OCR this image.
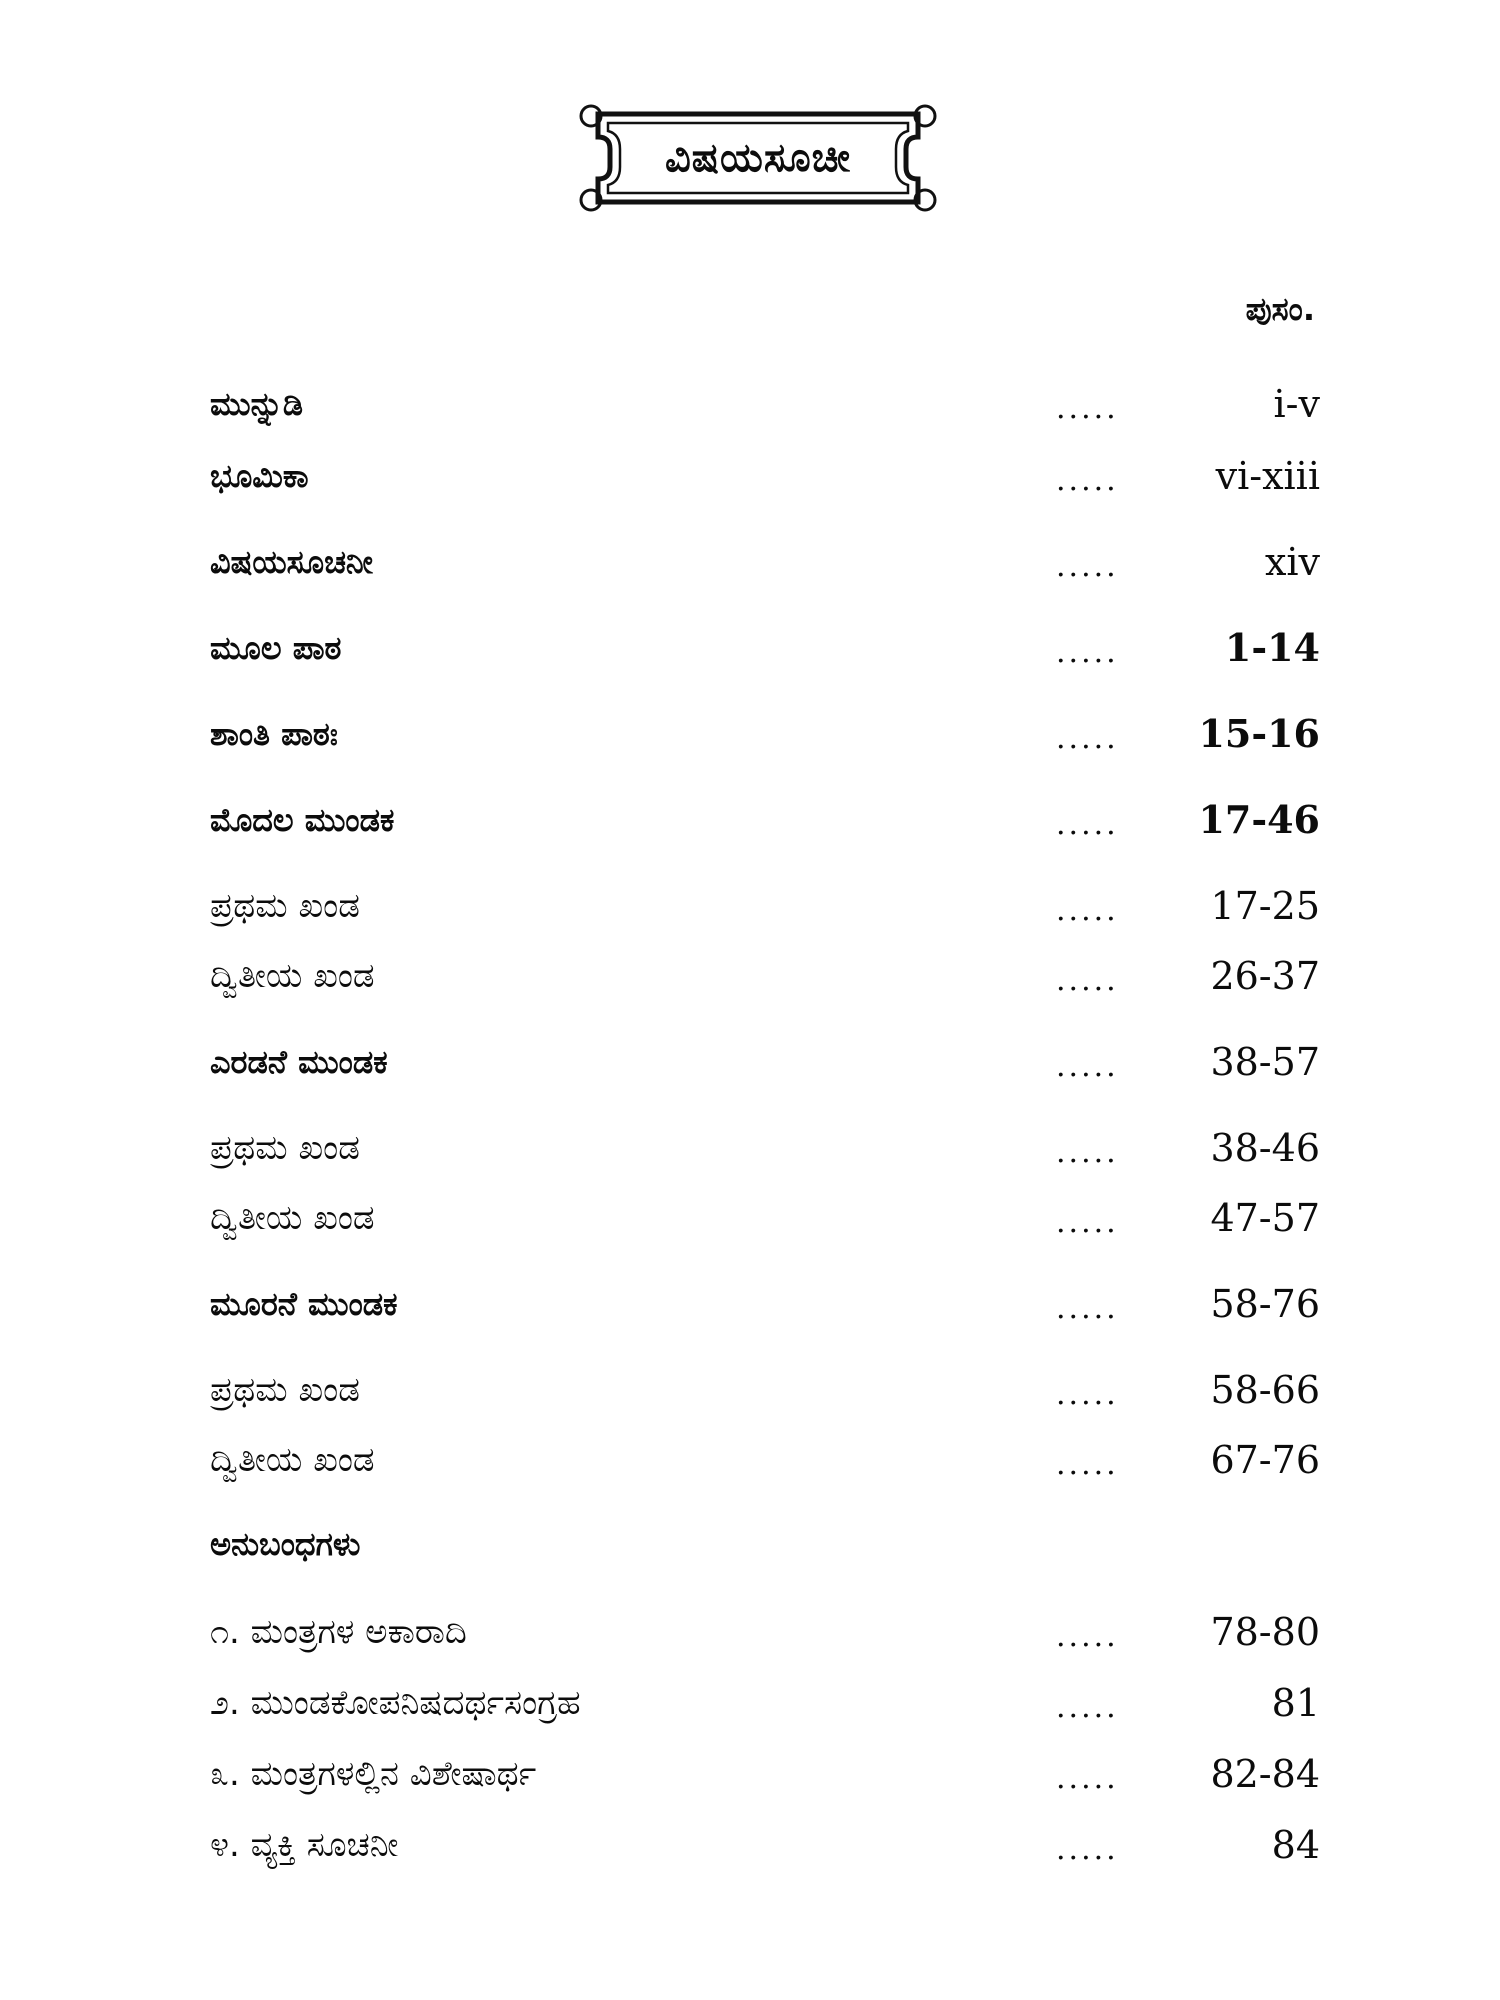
ವಿಷಯಸೂಚೀ
ಪುಸಂ.
ಮುನ್ನುಡಿ	.....	i-v
ಭೂಮಿಕಾ	.....	vi-xiii
ವಿಷಯಸೂಚನೀ	.....	xiv
ಮೂಲ ಪಾಠ	.....	1-14
ಶಾಂತಿ ಪಾಠಃ	..... 15-16
ಮೊದಲ ಮುಂಡಕ	..... 17-46
ಪ್ರಥಮ ಖಂಡ	..... 17-25
ದ್ವಿತೀಯ ಖಂಡ	..... 26-37
ಎರಡನೆ ಮುಂಡಕ	..... 38-57
ಪ್ರಥಮ ಖಂಡ	..... 38-46
ದ್ವಿತೀಯ ಖಂಡ	..... 47-57
ಮೂರನೆ ಮುಂಡಕ	..... 58-76
ಪ್ರಥಮ ಖಂಡ	..... 58-66
ದ್ವಿತೀಯ ಖಂಡ	..... 67-76
ಅನುಬಂಧಗಳು
೧. ಮಂತ್ರಗಳ ಅಕಾರಾದಿ	..... 78-80
೨. ಮುಂಡಕೋಪನಿಷದರ್ಥಸಂಗ್ರಹ	.....	81
೩. ಮಂತ್ರಗಳಲ್ಲಿನ ವಿಶೇಷಾರ್ಥ	..... 82-84
೪. ವ್ಯಕ್ತಿ ಸೂಚನೀ	.....	84
